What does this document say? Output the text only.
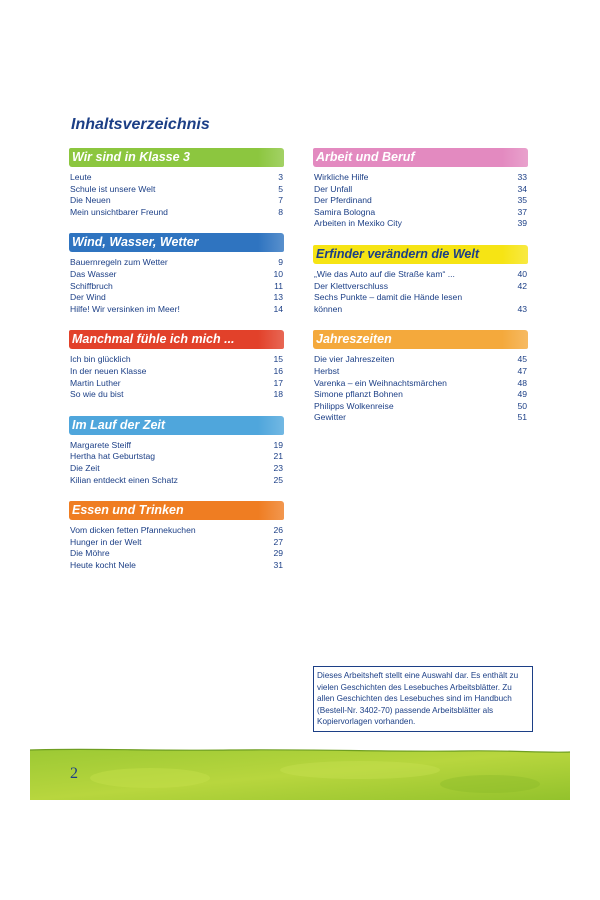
Inhaltsverzeichnis
Wir sind in Klasse 3
Leute	3
Schule ist unsere Welt	5
Die Neuen	7
Mein unsichtbarer Freund	8
Wind, Wasser, Wetter
Bauernregeln zum Wetter	9
Das Wasser	10
Schiffbruch	11
Der Wind	13
Hilfe! Wir versinken im Meer!	14
Manchmal fühle ich mich ...
Ich bin glücklich	15
In der neuen Klasse	16
Martin Luther	17
So wie du bist	18
Im Lauf der Zeit
Margarete Steiff	19
Hertha hat Geburtstag	21
Die Zeit	23
Kilian entdeckt einen Schatz	25
Essen und Trinken
Vom dicken fetten Pfannekuchen	26
Hunger in der Welt	27
Die Möhre	29
Heute kocht Nele	31
Arbeit und Beruf
Wirkliche Hilfe	33
Der Unfall	34
Der Pferdinand	35
Samira Bologna	37
Arbeiten in Mexiko City	39
Erfinder verändern die Welt
„Wie das Auto auf die Straße kam“ ...	40
Der Klettverschluss	42
Sechs Punkte – damit die Hände lesen können	43
Jahreszeiten
Die vier Jahreszeiten	45
Herbst	47
Varenka – ein Weihnachtsmärchen	48
Simone pflanzt Bohnen	49
Philipps Wolkenreise	50
Gewitter	51
Dieses Arbeitsheft stellt eine Auswahl dar. Es enthält zu vielen Geschichten des Lesebuches Arbeitsblätter. Zu allen Geschichten des Lesebuches sind im Handbuch (Bestell-Nr. 3402-70) passende Arbeitsblätter als Kopiervorlagen vorhanden.
2
